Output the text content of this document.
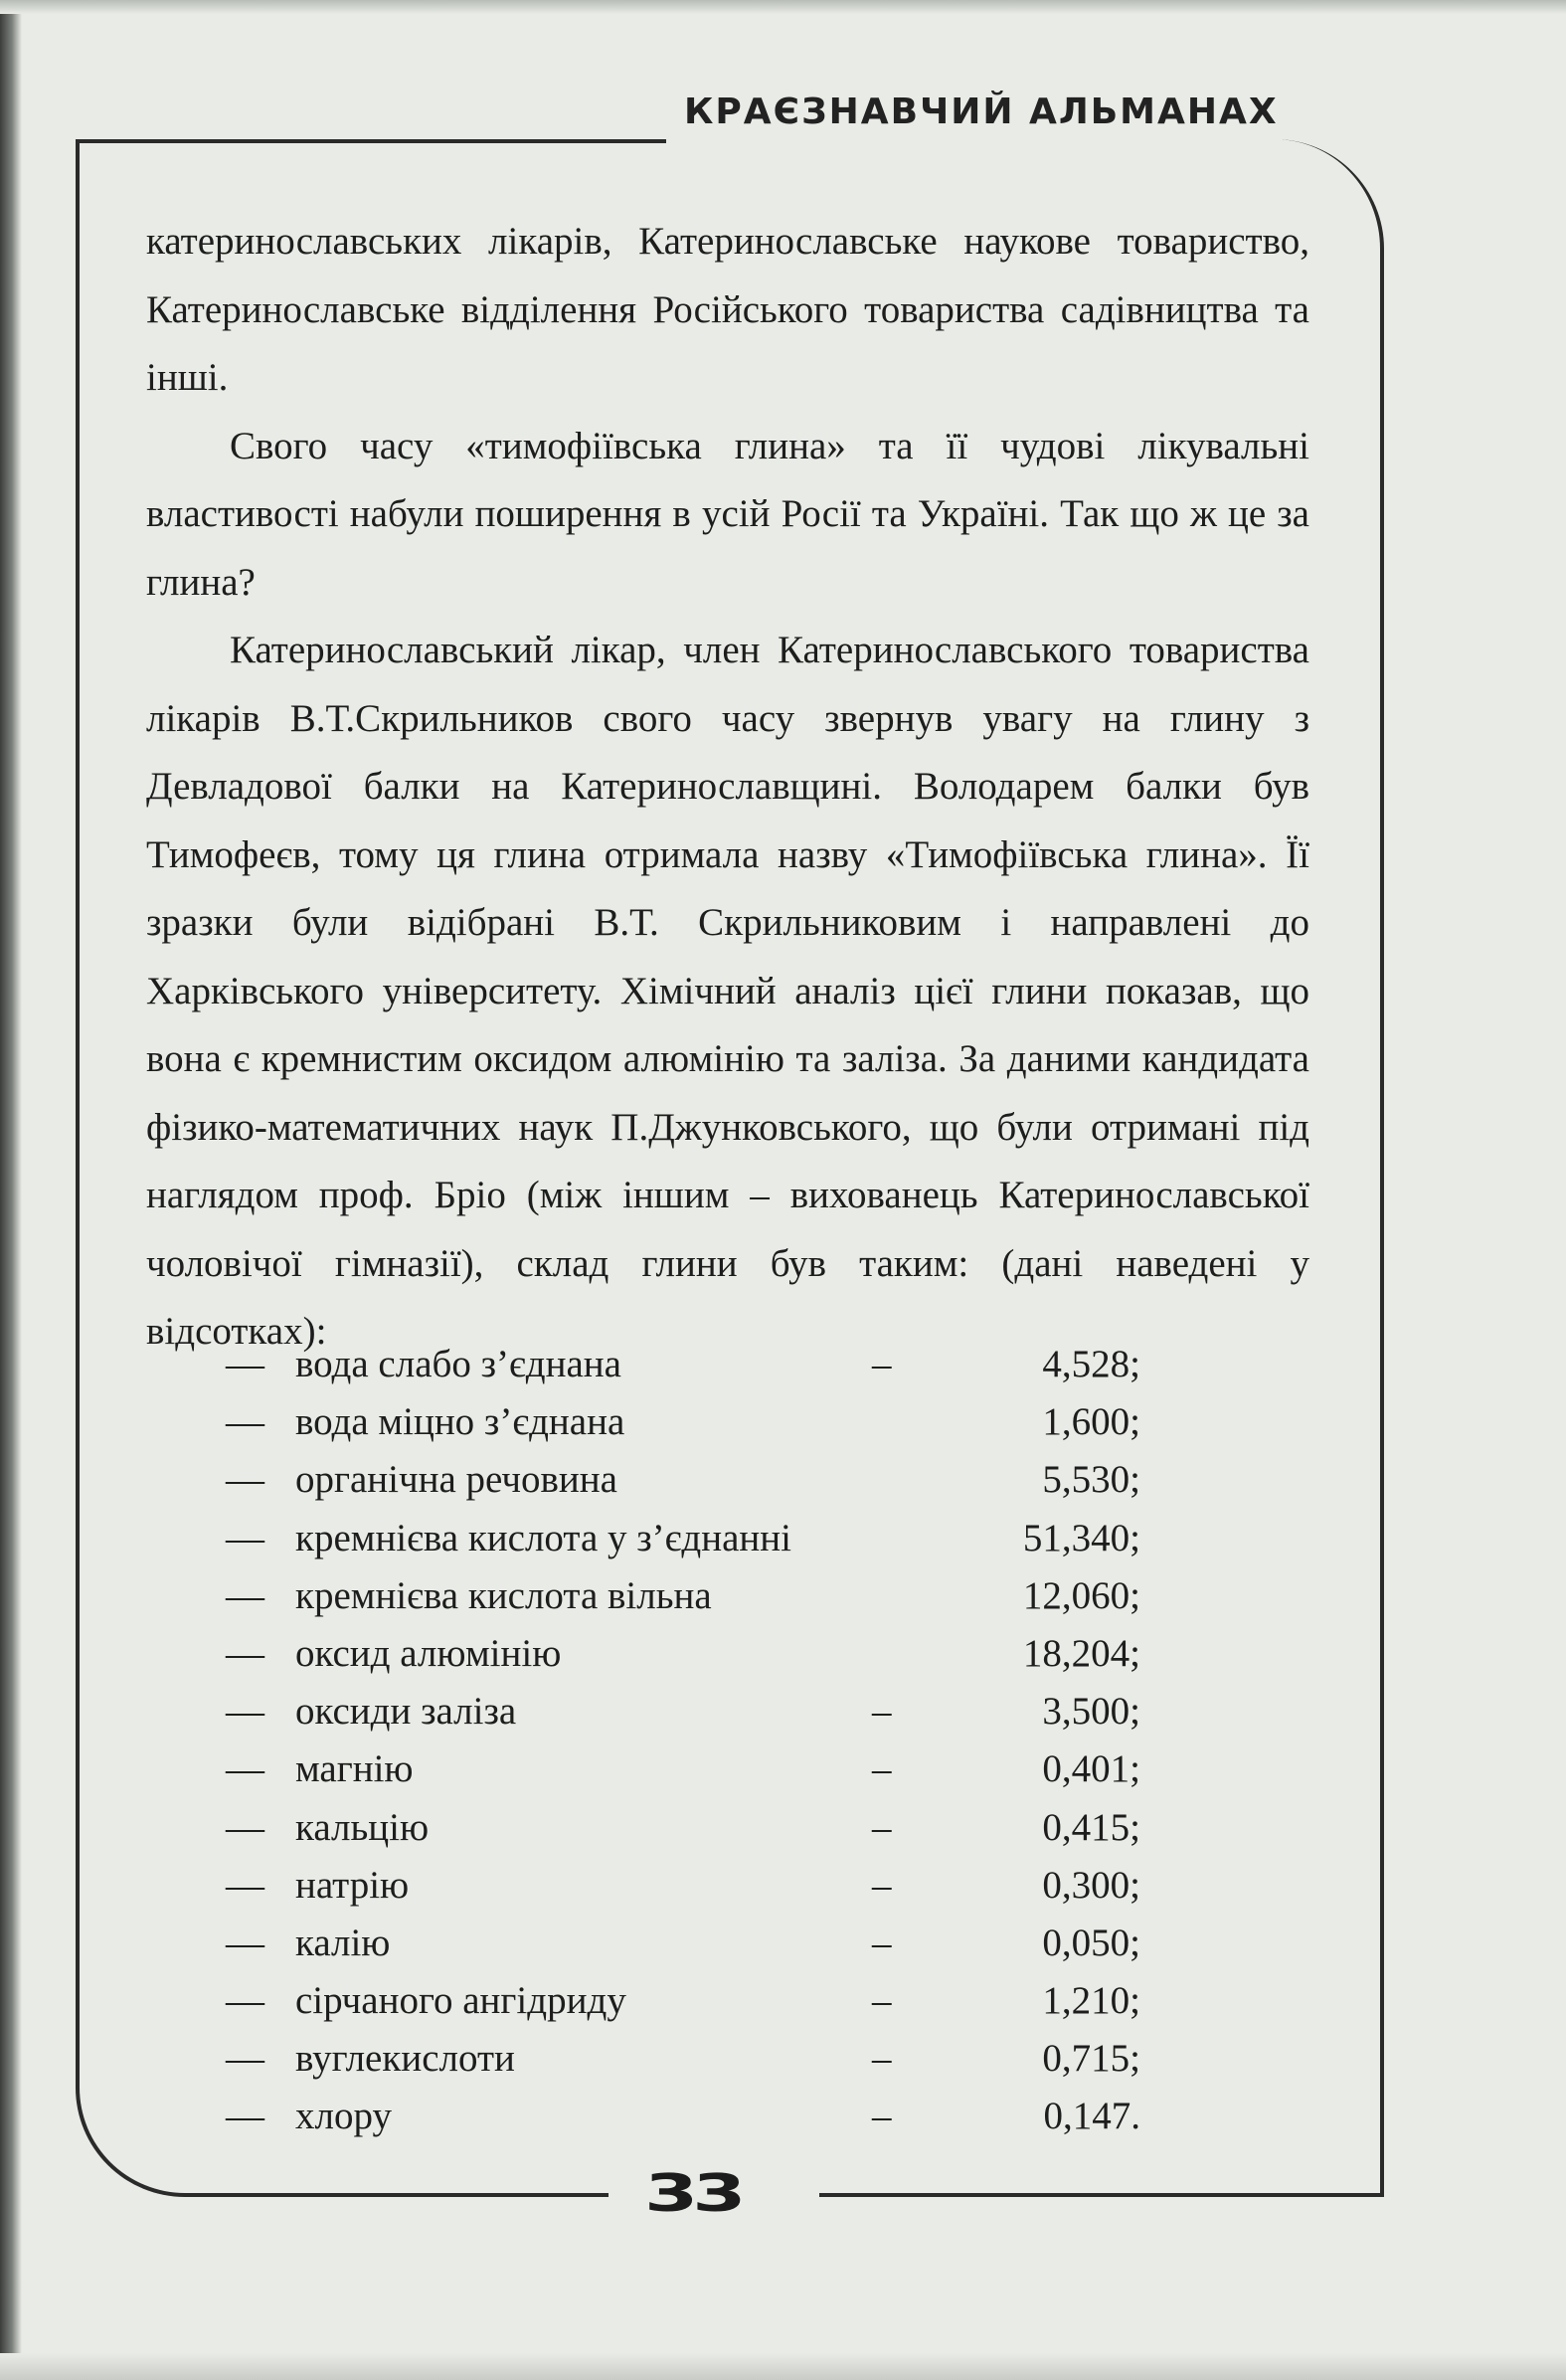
КРАЄЗНАВЧИЙ АЛЬМАНАХ

катеринославських лікарів, Катеринославське наукове товариство, Катеринославське відділення Російського товариства садівництва та інші.

Свого часу «тимофіївська глина» та її чудові лікувальні властивості набули поширення в усій Росії та Україні. Так що ж це за глина?

Катеринославський лікар, член Катеринославського товариства лікарів В.Т.Скрильников свого часу звернув увагу на глину з Девладової балки на Катеринославщині. Володарем балки був Тимофеєв, тому ця глина отримала назву «Тимофіївська глина». Її зразки були відібрані В.Т. Скрильниковим і направлені до Харківського університету. Хімічний аналіз цієї глини показав, що вона є кремнистим оксидом алюмінію та заліза. За даними кандидата фізико-математичних наук П.Джунковського, що були отримані під наглядом проф. Бріо (між іншим – вихованець Катеринославської чоловічої гімназії), склад глини був таким: (дані наведені у відсотках):

— вода слабо з’єднана	–	4,528;
— вода міцно з’єднана	1,600;
— органічна речовина	5,530;
— кремнієва кислота у з’єднанні	51,340;
— кремнієва кислота вільна	12,060;
— оксид алюмінію	18,204;
— оксиди заліза	–	3,500;
— магнію	–	0,401;
— кальцію	–	0,415;
— натрію	–	0,300;
— калію	–	0,050;
— сірчаного ангідриду	–	1,210;
— вуглекислоти	–	0,715;
— хлору	–	0,147.
33
